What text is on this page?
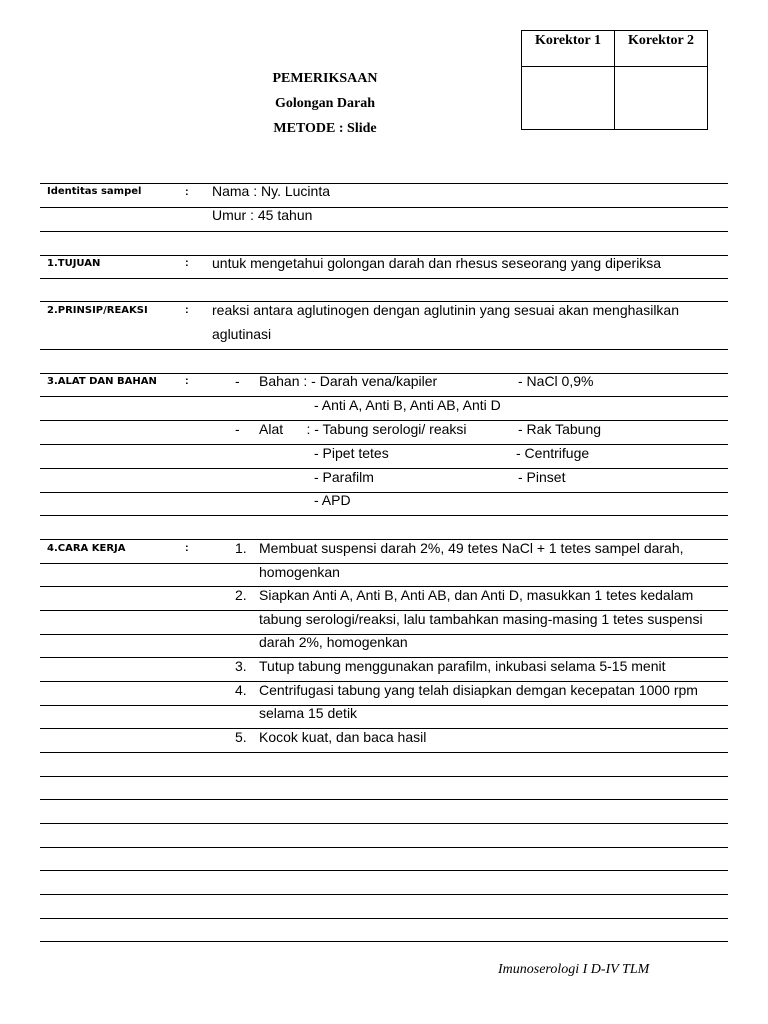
PEMERIKSAAN
Golongan Darah
METODE : Slide
Korektor 1	Korektor 2
Identitas sampel	: Nama : Ny. Lucinta
Umur : 45 tahun
1.TUJUAN	: untuk mengetahui golongan darah dan rhesus seseorang yang diperiksa
2.PRINSIP/REAKSI	: reaksi antara aglutinogen dengan aglutinin yang sesuai akan menghasilkan
aglutinasi
3.ALAT DAN BAHAN	:	- Bahan : - Darah vena/kapiler	- NaCl 0,9%
- Anti A, Anti B, Anti AB, Anti D
- Alat      : - Tabung serologi/ reaksi	- Rak Tabung
- Pipet tetes	- Centrifuge
- Parafilm	- Pinset
- APD
4.CARA KERJA	:	1. Membuat suspensi darah 2%, 49 tetes NaCl + 1 tetes sampel darah,
homogenkan
2. Siapkan Anti A, Anti B, Anti AB, dan Anti D, masukkan 1 tetes kedalam
tabung serologi/reaksi, lalu tambahkan masing-masing 1 tetes suspensi
darah 2%, homogenkan
3. Tutup tabung menggunakan parafilm, inkubasi selama 5-15 menit
4. Centrifugasi tabung yang telah disiapkan demgan kecepatan 1000 rpm
selama 15 detik
5. Kocok kuat, dan baca hasil
Imunoserologi I D-IV TLM
